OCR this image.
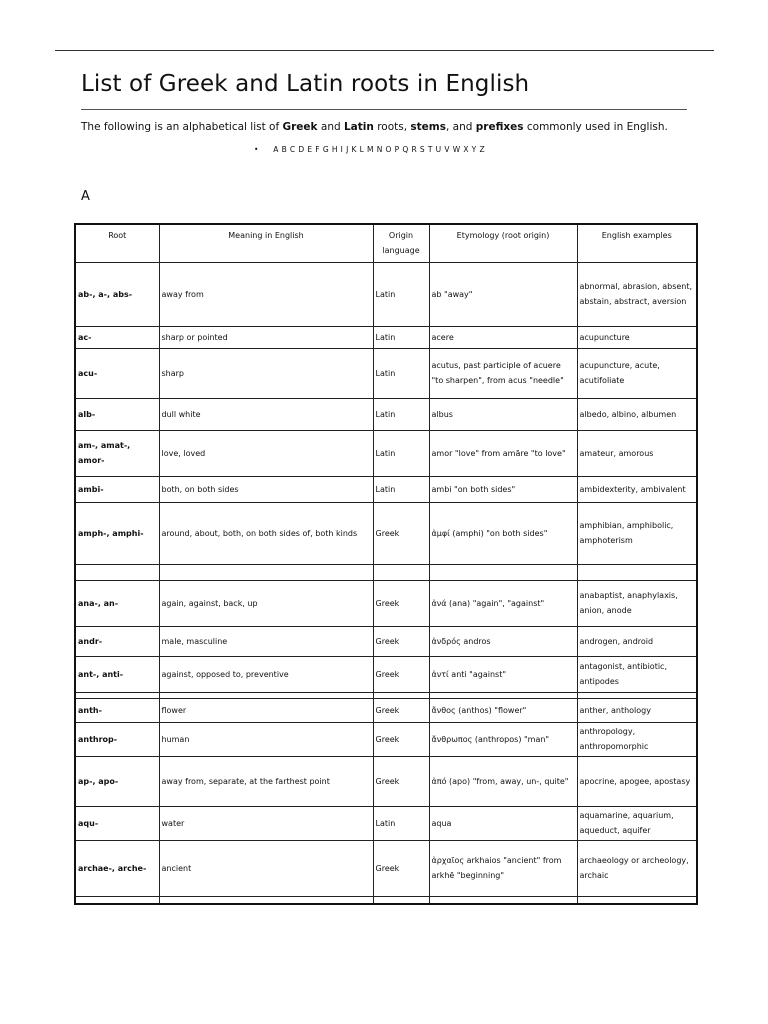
List of Greek and Latin roots in English
The following is an alphabetical list of Greek and Latin roots, stems, and prefixes commonly used in English.
• A B C D E F G H I J K L M N O P Q R S T U V W X Y Z
A
Root	Meaning in English	Origin language	Etymology (root origin)	English examples
ab-, a-, abs-	away from	Latin	ab "away"	abnormal, abrasion, absent, abstain, abstract, aversion
ac-	sharp or pointed	Latin	acere	acupuncture
acu-	sharp	Latin	acutus, past participle of acuere "to sharpen", from acus "needle"	acupuncture, acute, acutifoliate
alb-	dull white	Latin	albus	albedo, albino, albumen
am-, amat-, amor-	love, loved	Latin	amor "love" from amāre "to love"	amateur, amorous
ambi-	both, on both sides	Latin	ambi "on both sides"	ambidexterity, ambivalent
amph-, amphi-	around, about, both, on both sides of, both kinds	Greek	ἀμφί (amphi) "on both sides"	amphibian, amphibolic, amphoterism

ana-, an-	again, against, back, up	Greek	ἀνά (ana) "again", "against"	anabaptist, anaphylaxis, anion, anode
andr-	male, masculine	Greek	ἀνδρός andros	androgen, android
ant-, anti-	against, opposed to, preventive	Greek	ἀντί anti "against"	antagonist, antibiotic, antipodes

anth-	flower	Greek	ἄνθος (anthos) "flower"	anther, anthology
anthrop-	human	Greek	ἄνθρωπος (anthropos) "man"	anthropology, anthropomorphic
ap-, apo-	away from, separate, at the farthest point	Greek	ἀπό (apo) "from, away, un-, quite"	apocrine, apogee, apostasy
aqu-	water	Latin	aqua	aquamarine, aquarium, aqueduct, aquifer
archae-, arche-	ancient	Greek	ἀρχαῖος arkhaios "ancient" from arkhē "beginning"	archaeology or archeology, archaic
